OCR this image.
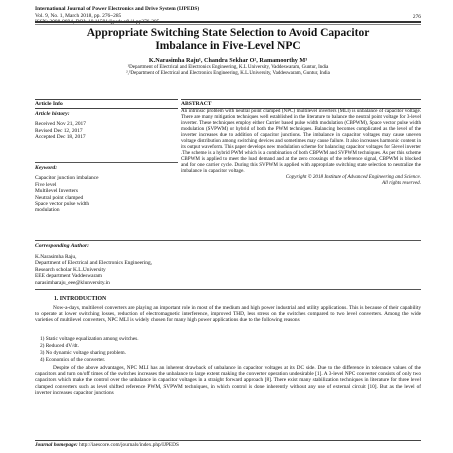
International Journal of Power Electronics and Drive System (IJPEDS)
Vol. 9, No. 1, March 2018, pp. 276~285	276
Appropriate Switching State Selection to Avoid Capacitor
Imbalance in Five-Level NPC
K.Narasimha Raju¹, Chandra Sekhar O², Ramamoorthy M³
¹Department of Electrical and Electronics Engineering, K.L University, Vaddeswaram, Guntur, India
²,³Department of Electrical and Electronics Engineering, K.L.University, Vaddeswaram, Guntur, India
Article Info	ABSTRACT
Article history:
Received Nov 21, 2017
Revised Dec 12, 2017
Accepted Dec 18, 2017
Keyword:
Capacitor junction imbalance
Five level
Multilevel Inverters
Neutral point clamped
Space vector pulse width
modulation
An intrinsic problem with neutral point clamped (NPC) multilevel inverters (MLI) is unbalance of capacitor voltage. There are many mitigation techniques well established in the literature to balance the neutral point voltage for 3-level inverter. These techniques employ either Carrier based pulse width modulation (CBPWM), Space vector pulse width modulation (SVPWM) or hybrid of both the PWM techniques. Balancing becomes complicated as the level of the inverter increases due to addition of capacitor junctions. The imbalance in capacitor voltages may cause uneven voltage distribution among switching devices and sometimes may cause failure. It also increases harmonic content in its output waveform. This paper develops new modulation scheme for balancing capacitor voltages for 5level inverter .The scheme is a hybrid PWM which is a combination of both CBPWM and SVPWM techniques. As per this scheme CBPWM is applied to meet the load demand and at the zero crossings of the reference signal, CBPWM is blocked and for one carrier cycle. During this SVPWM is applied with appropriate switching state selection to neutralize the imbalance in capacitor voltage.
Copyright © 2018 Institute of Advanced Engineering and Science.
All rights reserved.
Corresponding Author:
K.Narasimha Raju,
Department of Electrical and Electronics Engineering,
Research scholar K.L.University
EEE department Vaddeswaram
narasimharaju_eee@klunversity.in
1. INTRODUCTION
Now-a-days, multilevel converters are playing an important role in most of the medium and high power industrial and utility applications. This is because of their capability to operate at lower switching losses, reduction of electromagnetic interference, improved THD, less stress on the switches compared to two level converters. Among the wide varieties of multilevel converters, NPC MLI is widely chosen for many high power applications due to the following reasons
1) Static voltage equalization among switches.
2) Reduced dV/dt.
3) No dynamic voltage sharing problem.
4) Economics of the converter.
Despite of the above advantages, NPC MLI has an inherent drawback of unbalance in capacitor voltages at its DC side. Due to the difference in tolerance values of the capacitors and turn on/off times of the switches increases the unbalance to large extent making the converter operation undesirable [1]. A 3-level NPC converter consists of only two capacitors which make the control over the unbalance in capacitor voltages in a straight forward approach [8]. There exist many stabilization techniques in literature for three level clamped converters such as level shifted reference PWM, SVPWM techniques, in which control is done inherently without any use of external circuit [10]. But as the level of inverter increases capacitor junctions
Journal homepage: http://iaescore.com/journals/index.php/IJPEDS
